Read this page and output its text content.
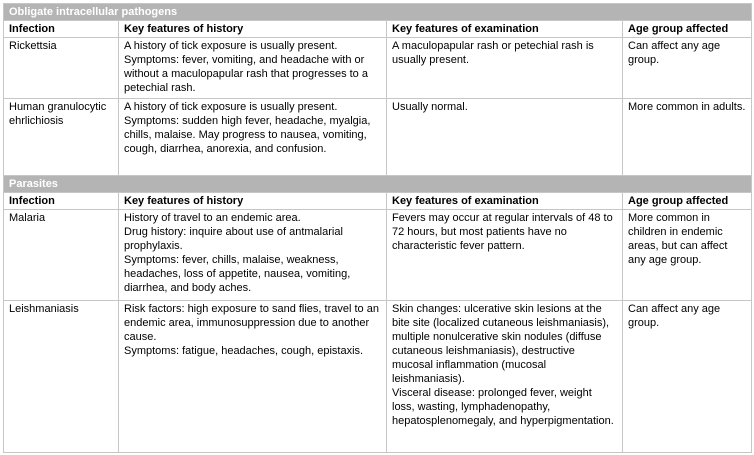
Obligate intracellular pathogens			
Infection	Key features of history	Key features of examination	Age group affected

Rickettsia	A history of tick exposure is usually present.
Symptoms: fever, vomiting, and headache with or without a maculopapular rash that progresses to a petechial rash.	A maculopapular rash or petechial rash is usually present.	Can affect any age group.

Human granulocytic ehrlichiosis	A history of tick exposure is usually present.
Symptoms: sudden high fever, headache, myalgia, chills, malaise. May progress to nausea, vomiting, cough, diarrhea, anorexia, and confusion.	Usually normal.	More common in adults.

Parasites			
Infection	Key features of history	Key features of examination	Age group affected

Malaria	History of travel to an endemic area.
Drug history: inquire about use of antmalarial prophylaxis.
Symptoms: fever, chills, malaise, weakness, headaches, loss of appetite, nausea, vomiting, diarrhea, and body aches.	Fevers may occur at regular intervals of 48 to 72 hours, but most patients have no characteristic fever pattern.	More common in children in endemic areas, but can affect any age group.

Leishmaniasis	Risk factors: high exposure to sand flies, travel to an endemic area, immunosuppression due to another cause.
Symptoms: fatigue, headaches, cough, epistaxis.	Skin changes: ulcerative skin lesions at the bite site (localized cutaneous leishmaniasis), multiple nonulcerative skin nodules (diffuse cutaneous leishmaniasis), destructive mucosal inflammation (mucosal leishmaniasis).
Visceral disease: prolonged fever, weight loss, wasting, lymphadenopathy, hepatosplenomegaly, and hyperpigmentation.	Can affect any age group.
